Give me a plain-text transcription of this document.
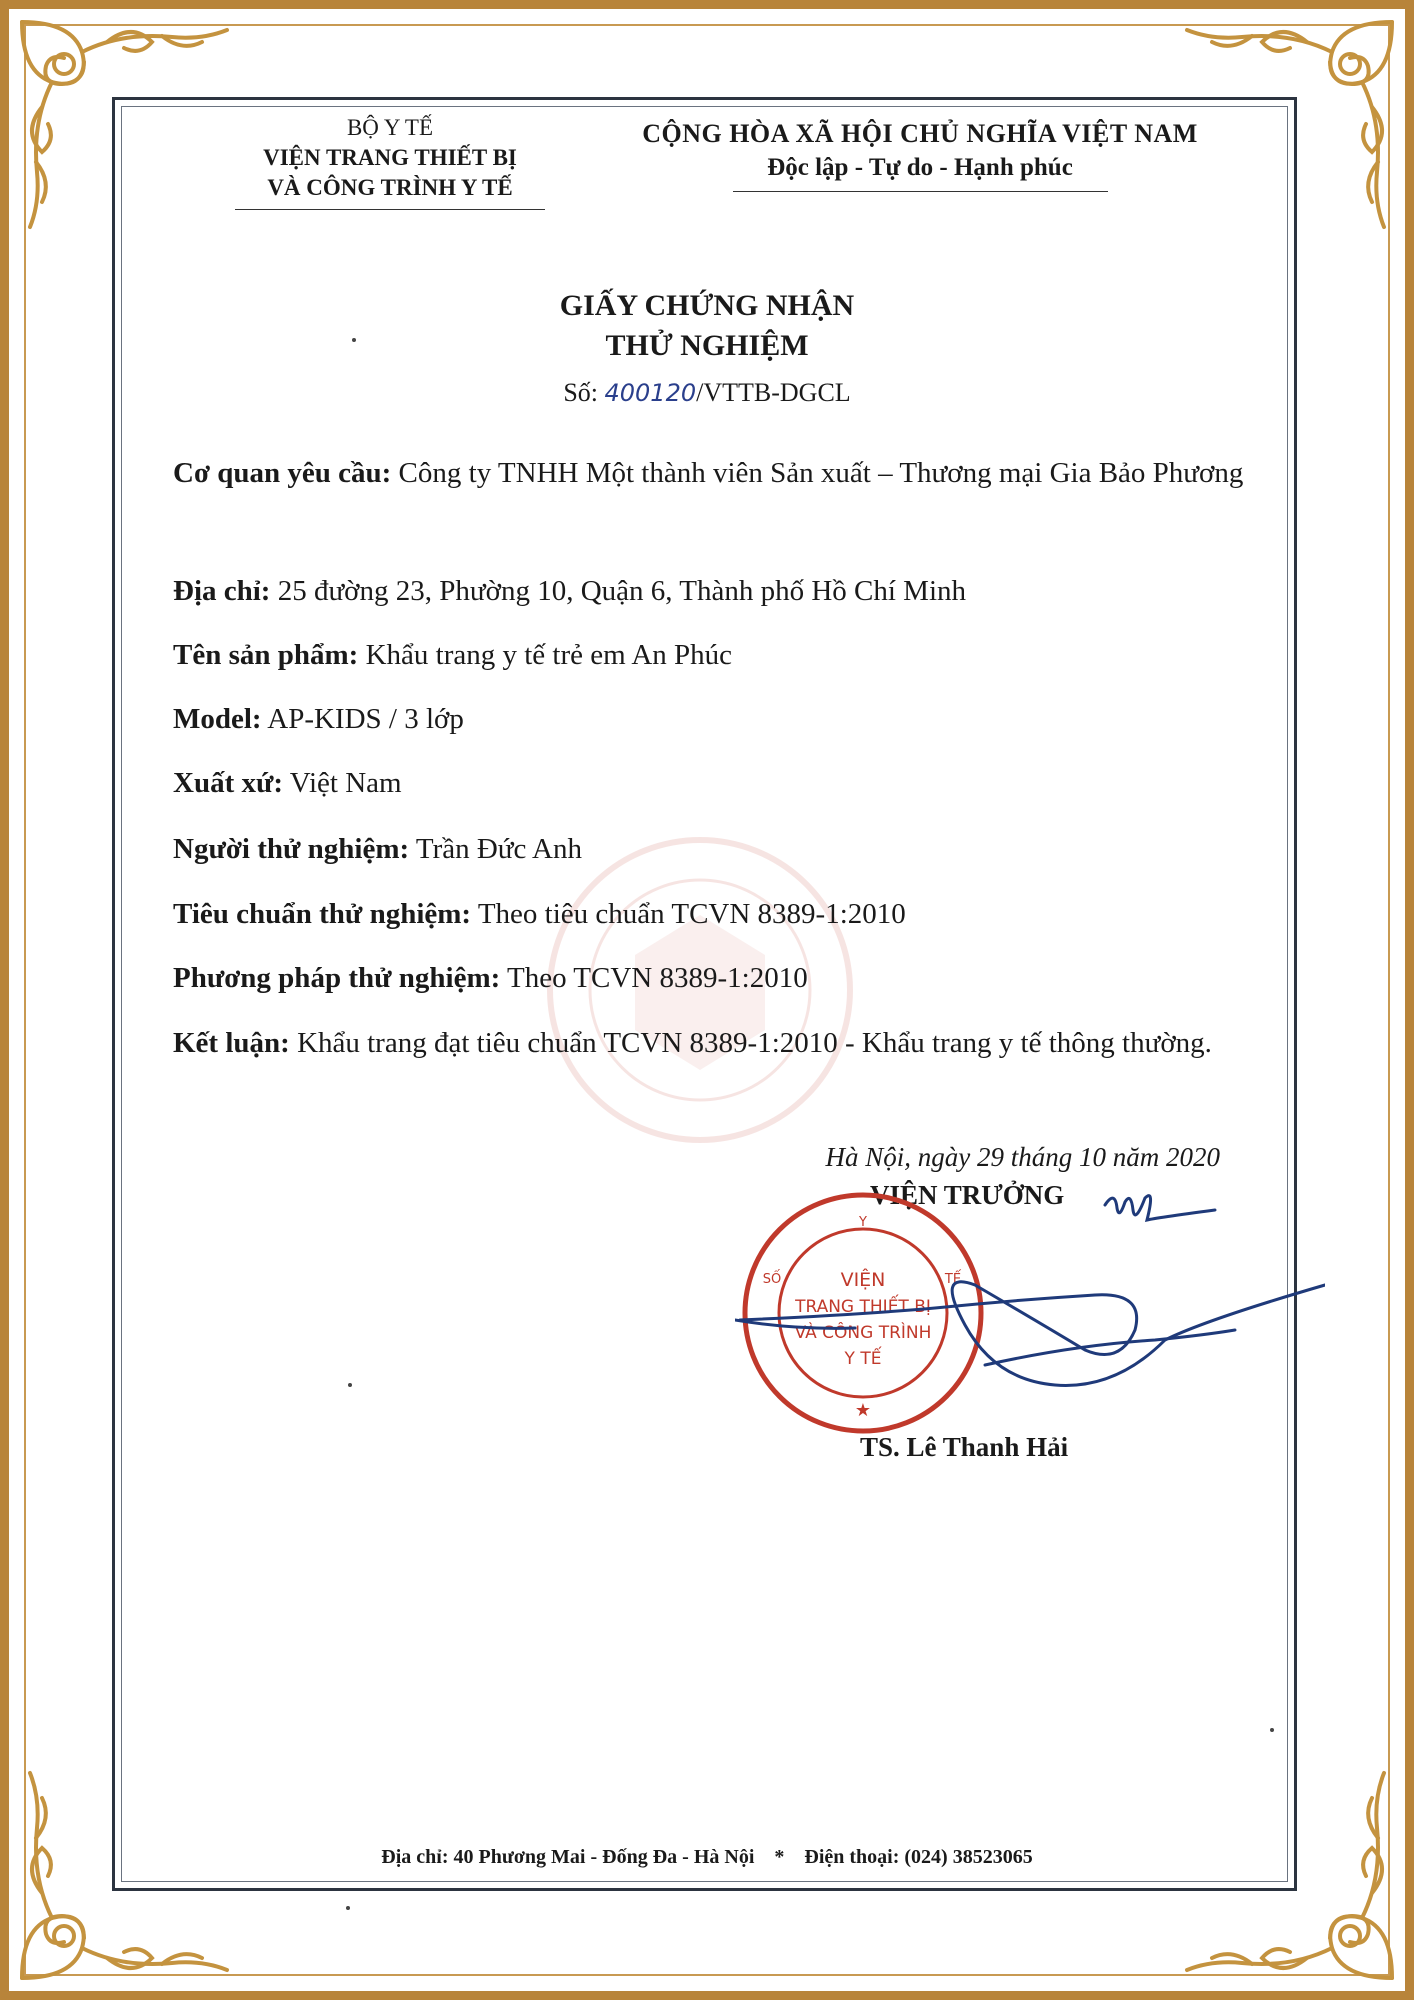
BỘ Y TẾ
VIỆN TRANG THIẾT BỊ
VÀ CÔNG TRÌNH Y TẾ
CỘNG HÒA XÃ HỘI CHỦ NGHĨA VIỆT NAM
Độc lập - Tự do - Hạnh phúc
GIẤY CHỨNG NHẬN
THỬ NGHIỆM
Số: 400120/VTTB-DGCL
Cơ quan yêu cầu: Công ty TNHH Một thành viên Sản xuất – Thương mại Gia Bảo Phương
Địa chỉ: 25 đường 23, Phường 10, Quận 6, Thành phố Hồ Chí Minh
Tên sản phẩm: Khẩu trang y tế trẻ em An Phúc
Model: AP-KIDS / 3 lớp
Xuất xứ: Việt Nam
Người thử nghiệm: Trần Đức Anh
Tiêu chuẩn thử nghiệm: Theo tiêu chuẩn TCVN 8389-1:2010
Phương pháp thử nghiệm: Theo TCVN 8389-1:2010
Kết luận: Khẩu trang đạt tiêu chuẩn TCVN 8389-1:2010 - Khẩu trang y tế thông thường.
Hà Nội, ngày 29 tháng 10 năm 2020
VIỆN TRƯỞNG
Y
TẾ
SỐ
★
VIỆN
TRANG THIẾT BỊ
VÀ CÔNG TRÌNH
Y TẾ
TS. Lê Thanh Hải
Địa chỉ: 40 Phương Mai - Đống Đa - Hà Nội * Điện thoại: (024) 38523065
